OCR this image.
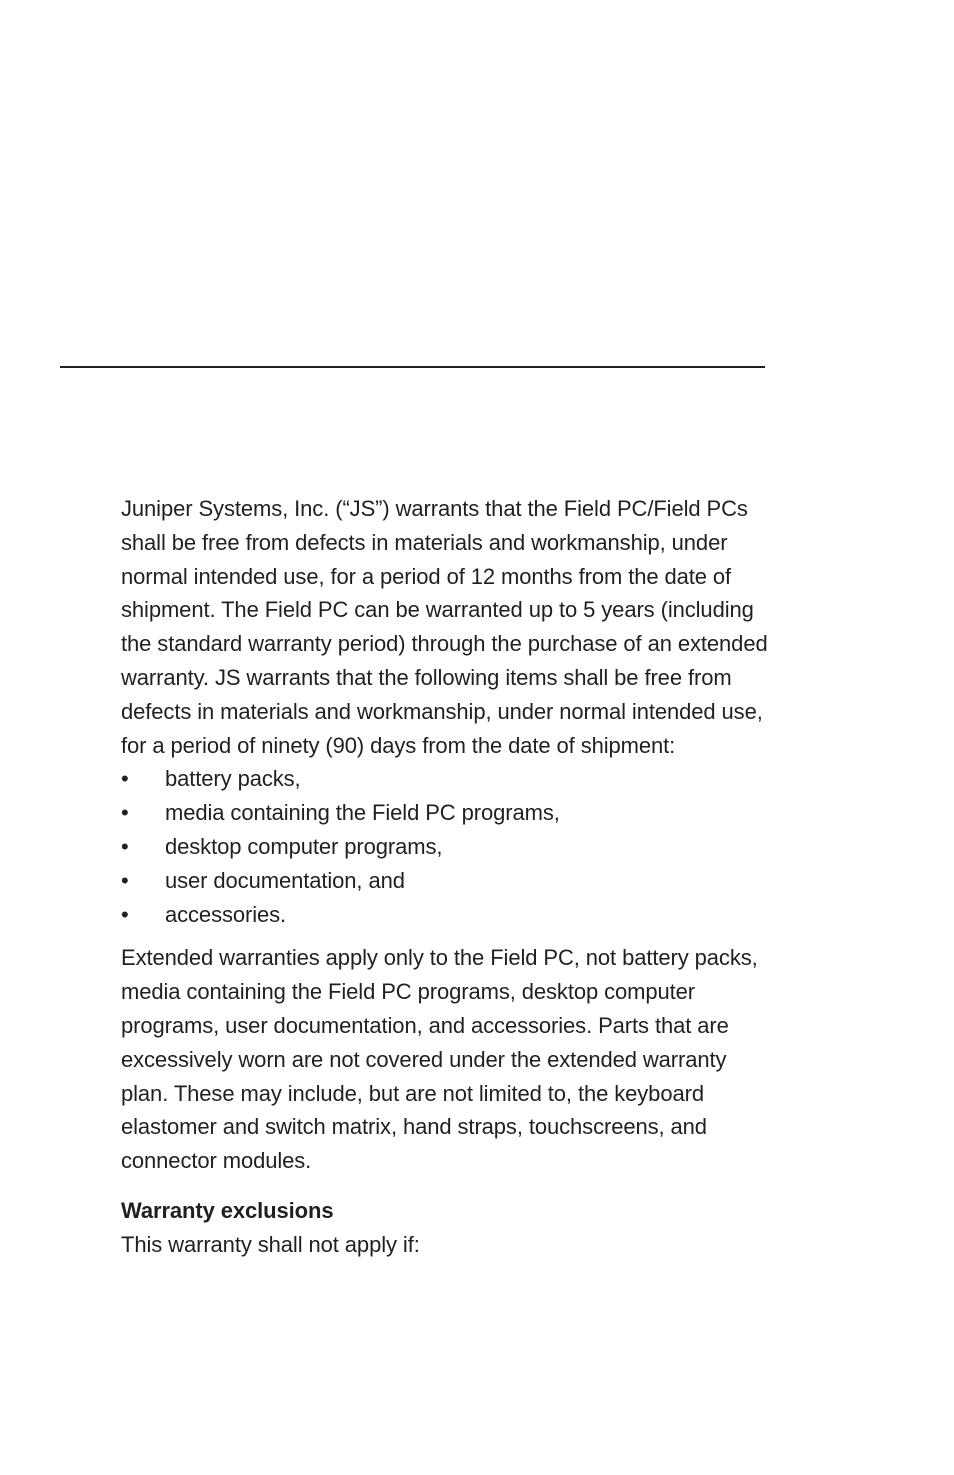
Juniper Systems, Inc. (“JS”) warrants that the Field PC/Field PCs shall be free from defects in materials and workmanship, under normal intended use, for a period of 12 months from the date of shipment. The Field PC can be warranted up to 5 years (including the standard warranty period) through the purchase of an extended warranty. JS warrants that the following items shall be free from defects in materials and workmanship, under normal intended use, for a period of ninety (90) days from the date of shipment:

• battery packs,
• media containing the Field PC programs,
• desktop computer programs,
• user documentation, and
• accessories.

Extended warranties apply only to the Field PC, not battery packs, media containing the Field PC programs, desktop computer programs, user documentation, and accessories. Parts that are excessively worn are not covered under the extended warranty plan. These may include, but are not limited to, the keyboard elastomer and switch matrix, hand straps, touchscreens, and connector modules.

Warranty exclusions

This warranty shall not apply if:
